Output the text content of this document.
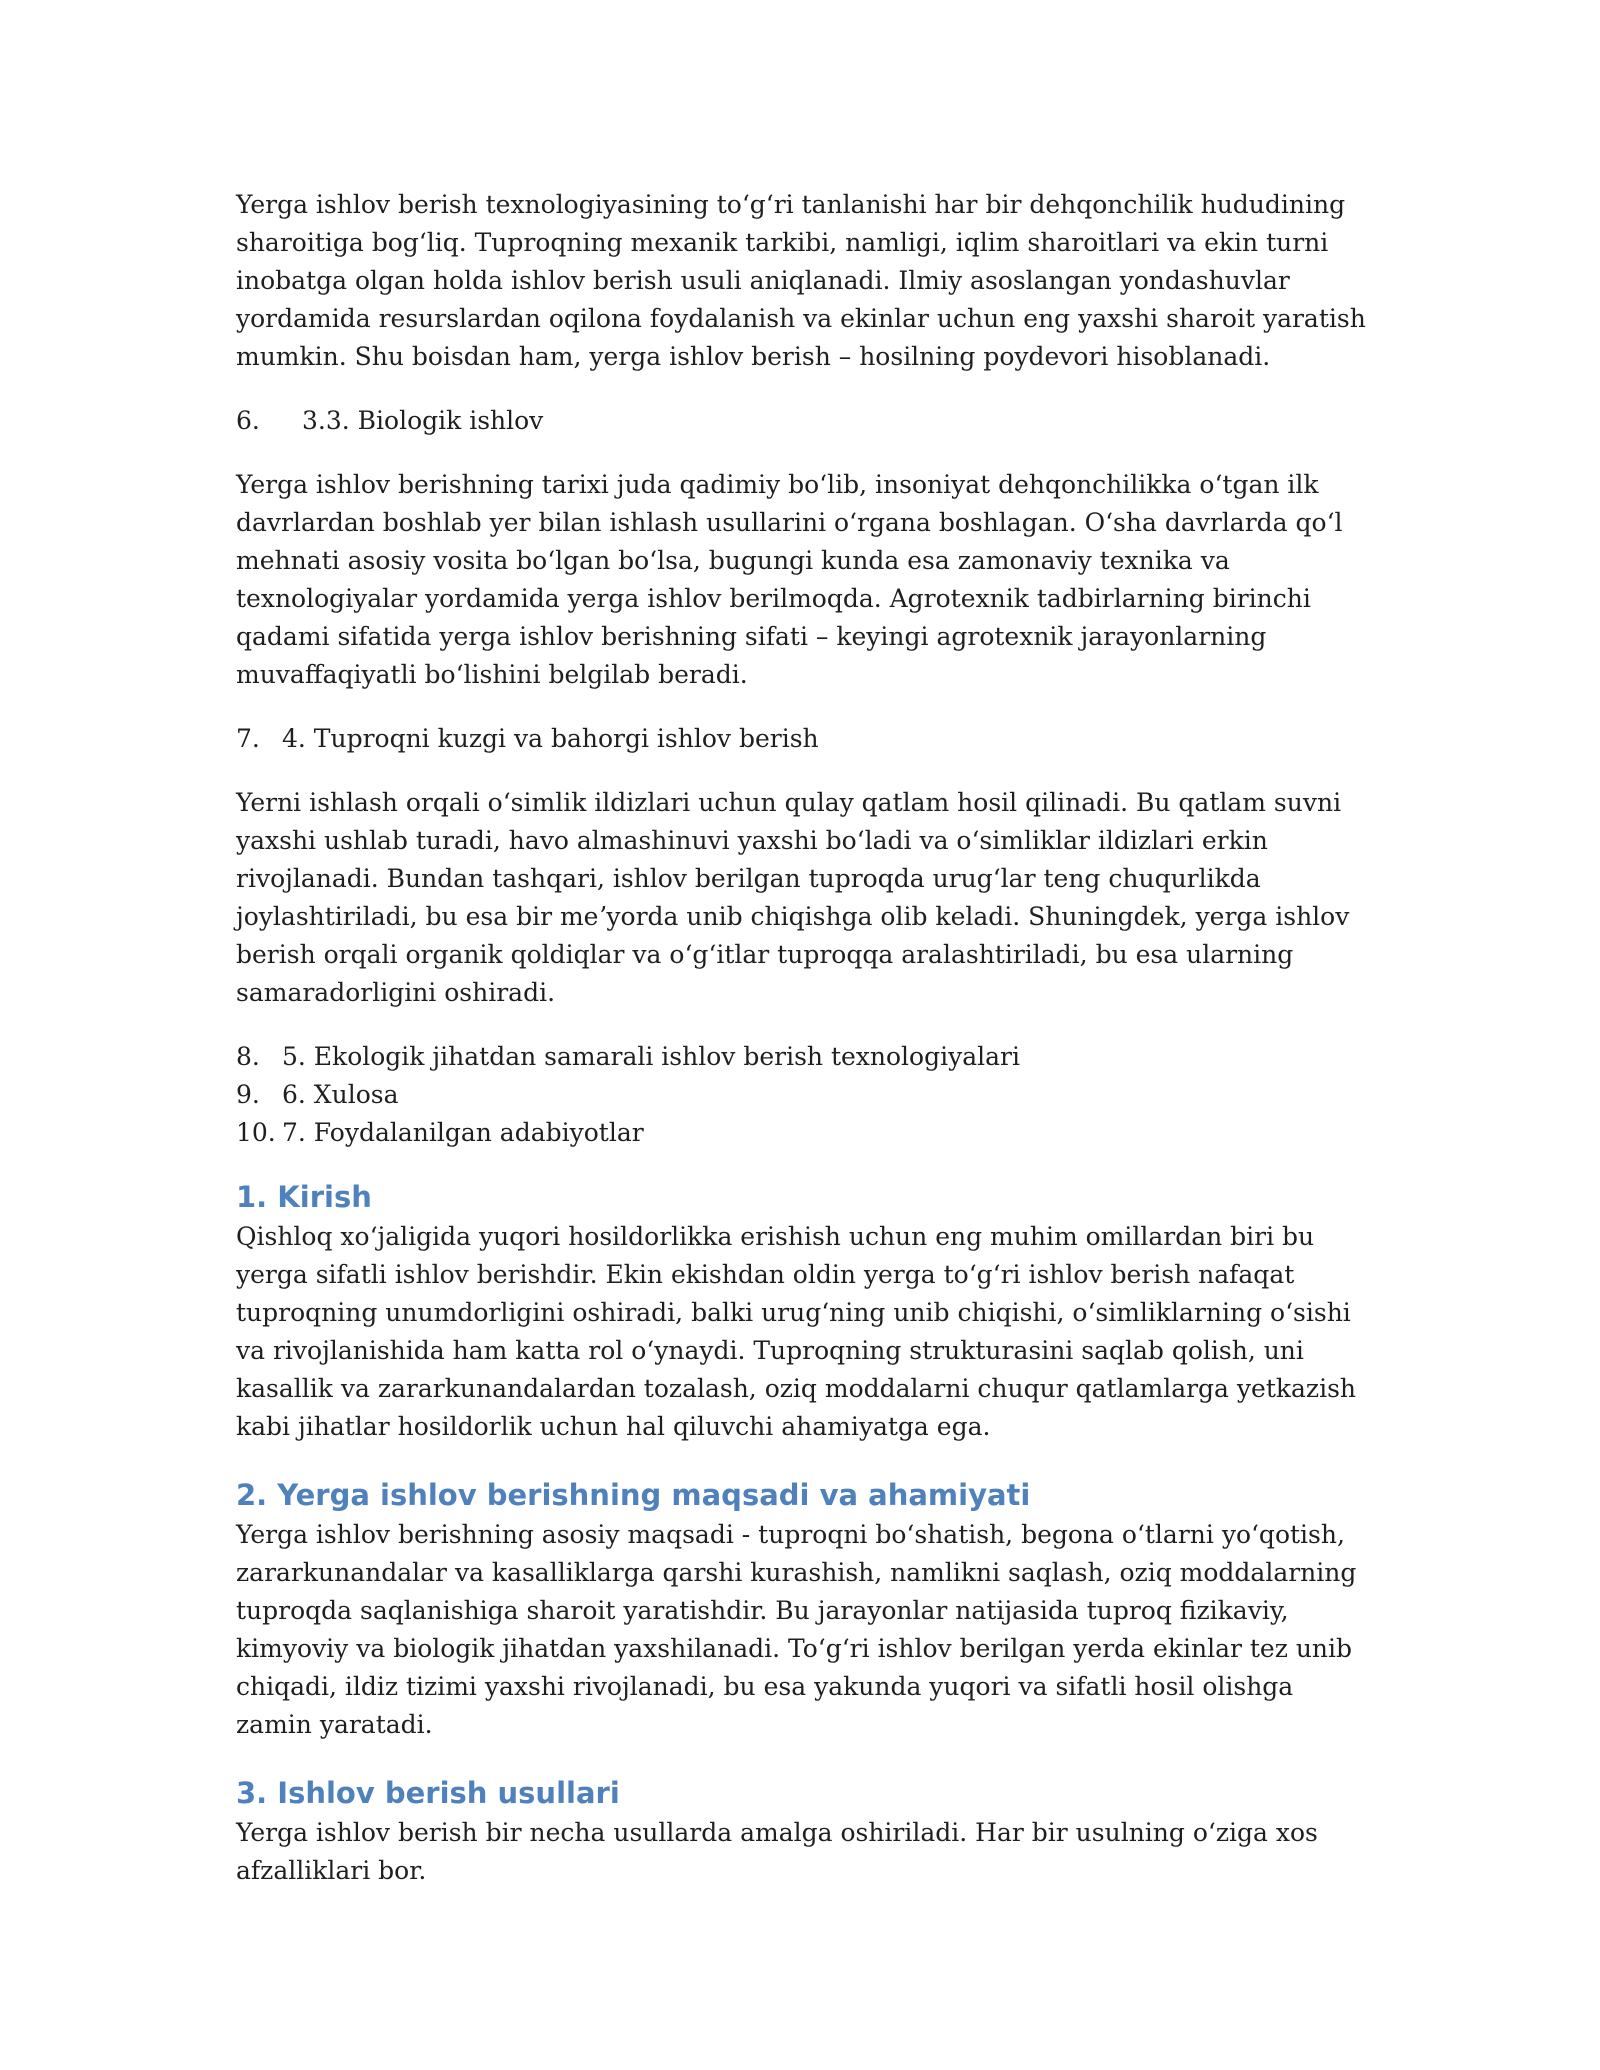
Yerga ishlov berish texnologiyasining toʻgʻri tanlanishi har bir dehqonchilik hududining sharoitiga bogʻliq. Tuproqning mexanik tarkibi, namligi, iqlim sharoitlari va ekin turni inobatga olgan holda ishlov berish usuli aniqlanadi. Ilmiy asoslangan yondashuvlar yordamida resurslardan oqilona foydalanish va ekinlar uchun eng yaxshi sharoit yaratish mumkin. Shu boisdan ham, yerga ishlov berish – hosilning poydevori hisoblanadi.

6.	3.3. Biologik ishlov

Yerga ishlov berishning tarixi juda qadimiy boʻlib, insoniyat dehqonchilikka oʻtgan ilk davrlardan boshlab yer bilan ishlash usullarini oʻrgana boshlagan. Oʻsha davrlarda qoʻl mehnati asosiy vosita boʻlgan boʻlsa, bugungi kunda esa zamonaviy texnika va texnologiyalar yordamida yerga ishlov berilmoqda. Agrotexnik tadbirlarning birinchi qadami sifatida yerga ishlov berishning sifati – keyingi agrotexnik jarayonlarning muvaffaqiyatli boʻlishini belgilab beradi.

7. 4. Tuproqni kuzgi va bahorgi ishlov berish

Yerni ishlash orqali oʻsimlik ildizlari uchun qulay qatlam hosil qilinadi. Bu qatlam suvni yaxshi ushlab turadi, havo almashinuvi yaxshi boʻladi va oʻsimliklar ildizlari erkin rivojlanadi. Bundan tashqari, ishlov berilgan tuproqda urugʻlar teng chuqurlikda joylashtiriladi, bu esa bir meʼyorda unib chiqishga olib keladi. Shuningdek, yerga ishlov berish orqali organik qoldiqlar va oʻgʻitlar tuproqqa aralashtiriladi, bu esa ularning samaradorligini oshiradi.

8. 5. Ekologik jihatdan samarali ishlov berish texnologiyalari
9. 6. Xulosa
10. 7. Foydalanilgan adabiyotlar
1. Kirish

Qishloq xoʻjaligida yuqori hosildorlikka erishish uchun eng muhim omillardan biri bu yerga sifatli ishlov berishdir. Ekin ekishdan oldin yerga toʻgʻri ishlov berish nafaqat tuproqning unumdorligini oshiradi, balki urugʻning unib chiqishi, oʻsimliklarning oʻsishi va rivojlanishida ham katta rol oʻynaydi. Tuproqning strukturasini saqlab qolish, uni kasallik va zararkunandalardan tozalash, oziq moddalarni chuqur qatlamlarga yetkazish kabi jihatlar hosildorlik uchun hal qiluvchi ahamiyatga ega.

2. Yerga ishlov berishning maqsadi va ahamiyati

Yerga ishlov berishning asosiy maqsadi - tuproqni boʻshatish, begona oʻtlarni yoʻqotish, zararkunandalar va kasalliklarga qarshi kurashish, namlikni saqlash, oziq moddalarning tuproqda saqlanishiga sharoit yaratishdir. Bu jarayonlar natijasida tuproq fizikaviy, kimyoviy va biologik jihatdan yaxshilanadi. Toʻgʻri ishlov berilgan yerda ekinlar tez unib chiqadi, ildiz tizimi yaxshi rivojlanadi, bu esa yakunda yuqori va sifatli hosil olishga zamin yaratadi.

3. Ishlov berish usullari

Yerga ishlov berish bir necha usullarda amalga oshiriladi. Har bir usulning oʻziga xos afzalliklari bor.
